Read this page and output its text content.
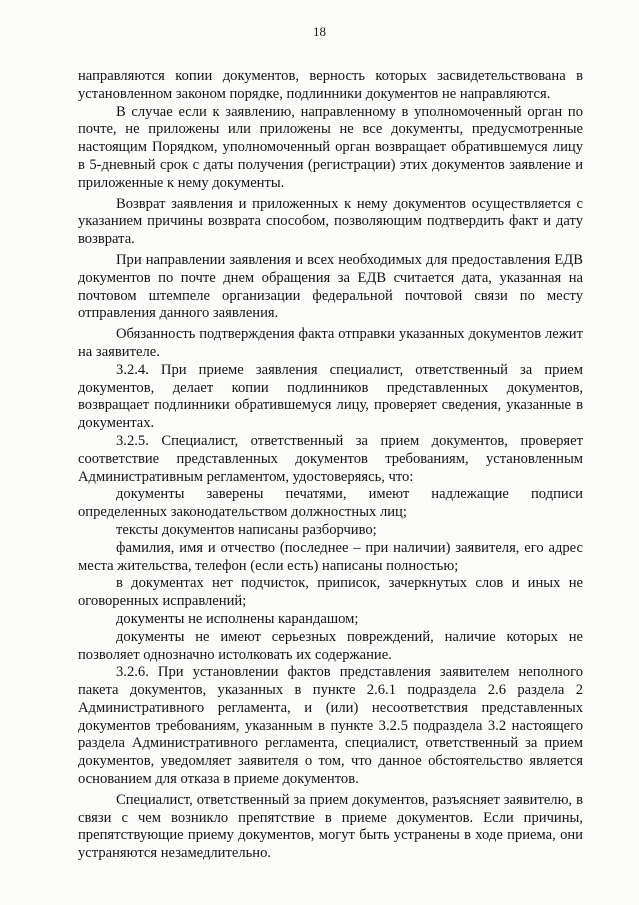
18

направляются копии документов, верность которых засвидетельствована в установленном законом порядке, подлинники документов не направляются.

В случае если к заявлению, направленному в уполномоченный орган по почте, не приложены или приложены не все документы, предусмотренные настоящим Порядком, уполномоченный орган возвращает обратившемуся лицу в 5-дневный срок с даты получения (регистрации) этих документов заявление и приложенные к нему документы.

Возврат заявления и приложенных к нему документов осуществляется с указанием причины возврата способом, позволяющим подтвердить факт и дату возврата.

При направлении заявления и всех необходимых для предоставления ЕДВ документов по почте днем обращения за ЕДВ считается дата, указанная на почтовом штемпеле организации федеральной почтовой связи по месту отправления данного заявления.

Обязанность подтверждения факта отправки указанных документов лежит на заявителе.

3.2.4. При приеме заявления специалист, ответственный за прием документов, делает копии подлинников представленных документов, возвращает подлинники обратившемуся лицу, проверяет сведения, указанные в документах.

3.2.5. Специалист, ответственный за прием документов, проверяет соответствие представленных документов требованиям, установленным Административным регламентом, удостоверяясь, что:

документы заверены печатями, имеют надлежащие подписи определенных законодательством должностных лиц;

тексты документов написаны разборчиво;

фамилия, имя и отчество (последнее – при наличии) заявителя, его адрес места жительства, телефон (если есть) написаны полностью;

в документах нет подчисток, приписок, зачеркнутых слов и иных не оговоренных исправлений;

документы не исполнены карандашом;

документы не имеют серьезных повреждений, наличие которых не позволяет однозначно истолковать их содержание.

3.2.6. При установлении фактов представления заявителем неполного пакета документов, указанных в пункте 2.6.1 подраздела 2.6 раздела 2 Административного регламента, и (или) несоответствия представленных документов требованиям, указанным в пункте 3.2.5 подраздела 3.2 настоящего раздела Административного регламента, специалист, ответственный за прием документов, уведомляет заявителя о том, что данное обстоятельство является основанием для отказа в приеме документов.

Специалист, ответственный за прием документов, разъясняет заявителю, в связи с чем возникло препятствие в приеме документов. Если причины, препятствующие приему документов, могут быть устранены в ходе приема, они устраняются незамедлительно.
